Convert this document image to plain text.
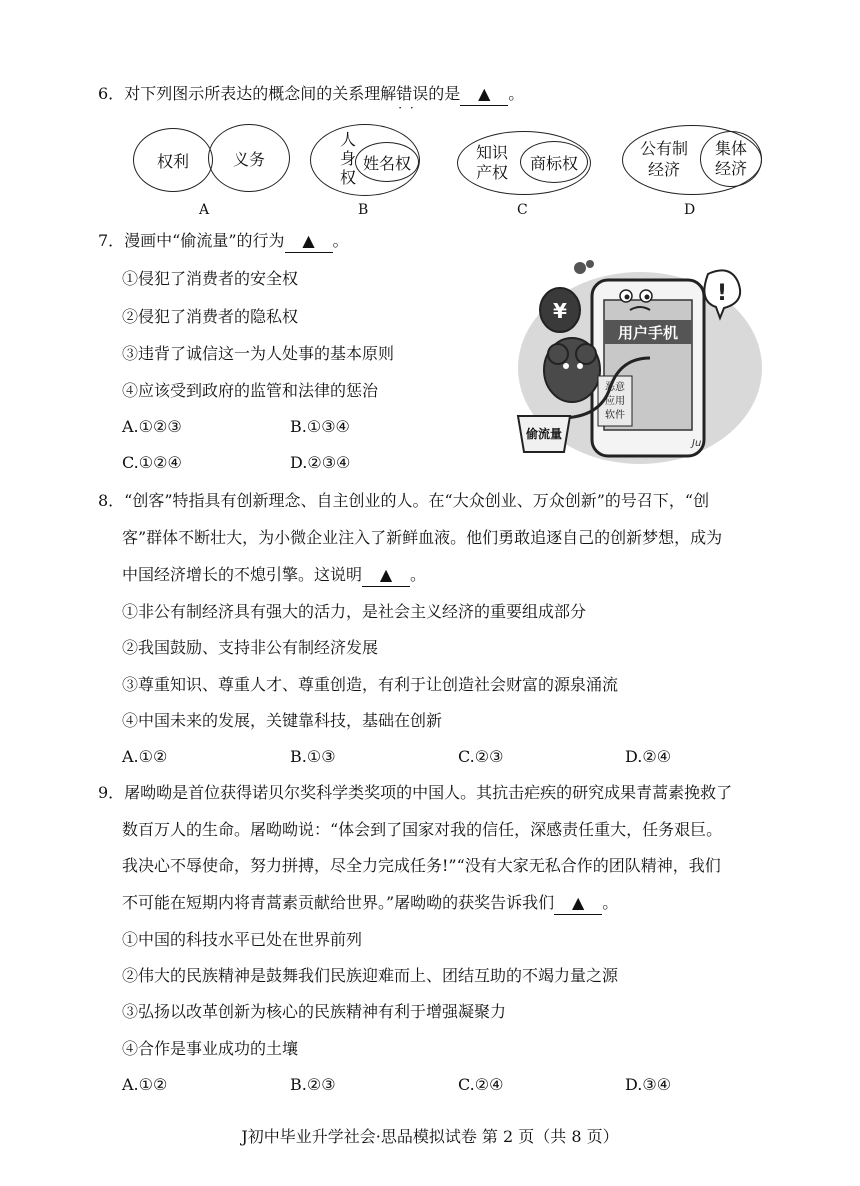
6．对下列图示所表达的概念间的关系理解错误 · ·的是 ▲ 。
权利	义务
A
人
身
权
姓名权
B
知识
产权 商标权
C
公有制
经济
集体
经济
D
7．漫画中“偷流量”的行为 ▲ 。
①侵犯了消费者的安全权
②侵犯了消费者的隐私权
③违背了诚信这一为人处事的基本原则
④应该受到政府的监管和法律的惩治
A.①②③	B.①③④
C.①②④	D.②③④
用户手机
!
¥
恶意
应用
软件
偷流量
Ju
8．“创客”特指具有创新理念、自主创业的人。在“大众创业、万众创新”的号召下，“创
客”群体不断壮大，为小微企业注入了新鲜血液。他们勇敢追逐自己的创新梦想，成为
中国经济增长的不熄引擎。这说明 ▲ 。
①非公有制经济具有强大的活力，是社会主义经济的重要组成部分
②我国鼓励、支持非公有制经济发展
③尊重知识、尊重人才、尊重创造，有利于让创造社会财富的源泉涌流
④中国未来的发展，关键靠科技，基础在创新
A.①②	B.①③	C.②③	D.②④
9．屠呦呦是首位获得诺贝尔奖科学类奖项的中国人。其抗击疟疾的研究成果青蒿素挽救了
数百万人的生命。屠呦呦说：“体会到了国家对我的信任，深感责任重大，任务艰巨。
我决心不辱使命，努力拼搏，尽全力完成任务!”“没有大家无私合作的团队精神，我们
不可能在短期内将青蒿素贡献给世界。”屠呦呦的获奖告诉我们 ▲ 。
①中国的科技水平已处在世界前列
②伟大的民族精神是鼓舞我们民族迎难而上、团结互助的不竭力量之源
③弘扬以改革创新为核心的民族精神有利于增强凝聚力
④合作是事业成功的土壤
A.①②	B.②③	C.②④	D.③④
J初中毕业升学社会·思品模拟试卷 第 2 页（共 8 页）
